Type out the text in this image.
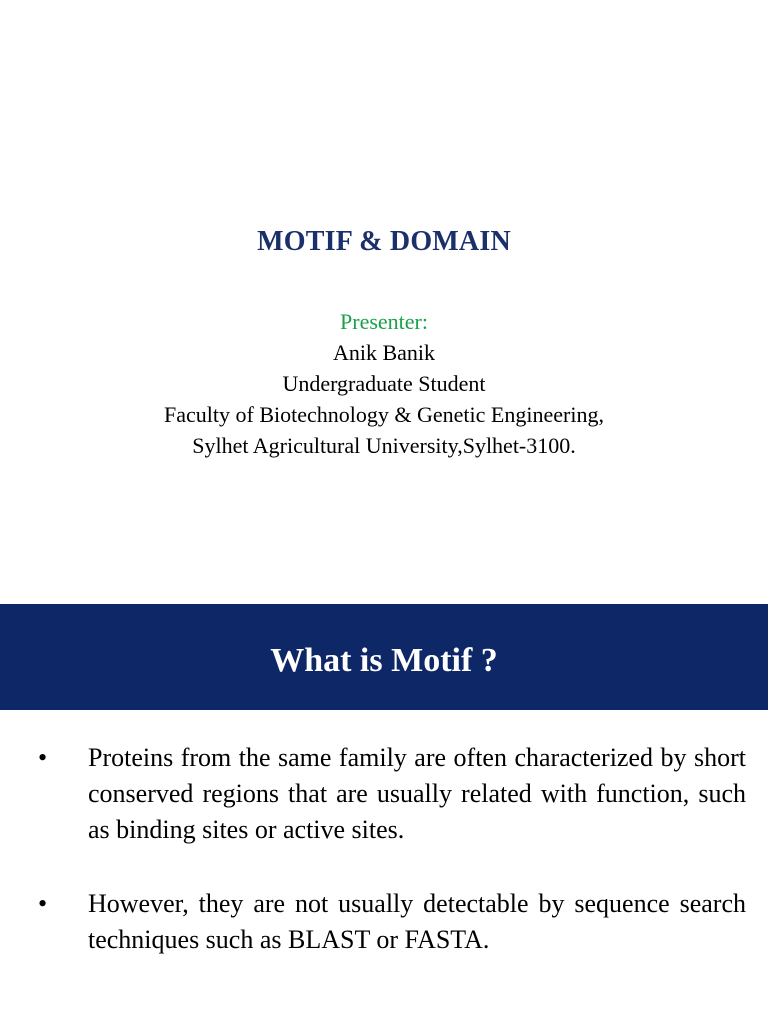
MOTIF & DOMAIN
Presenter:
Anik Banik
Undergraduate Student
Faculty of Biotechnology & Genetic Engineering,
Sylhet Agricultural University,Sylhet-3100.
What is Motif ?
• Proteins from the same family are often characterized by short conserved regions that are usually related with function, such as binding sites or active sites.
• However, they are not usually detectable by sequence search techniques such as BLAST or FASTA.
